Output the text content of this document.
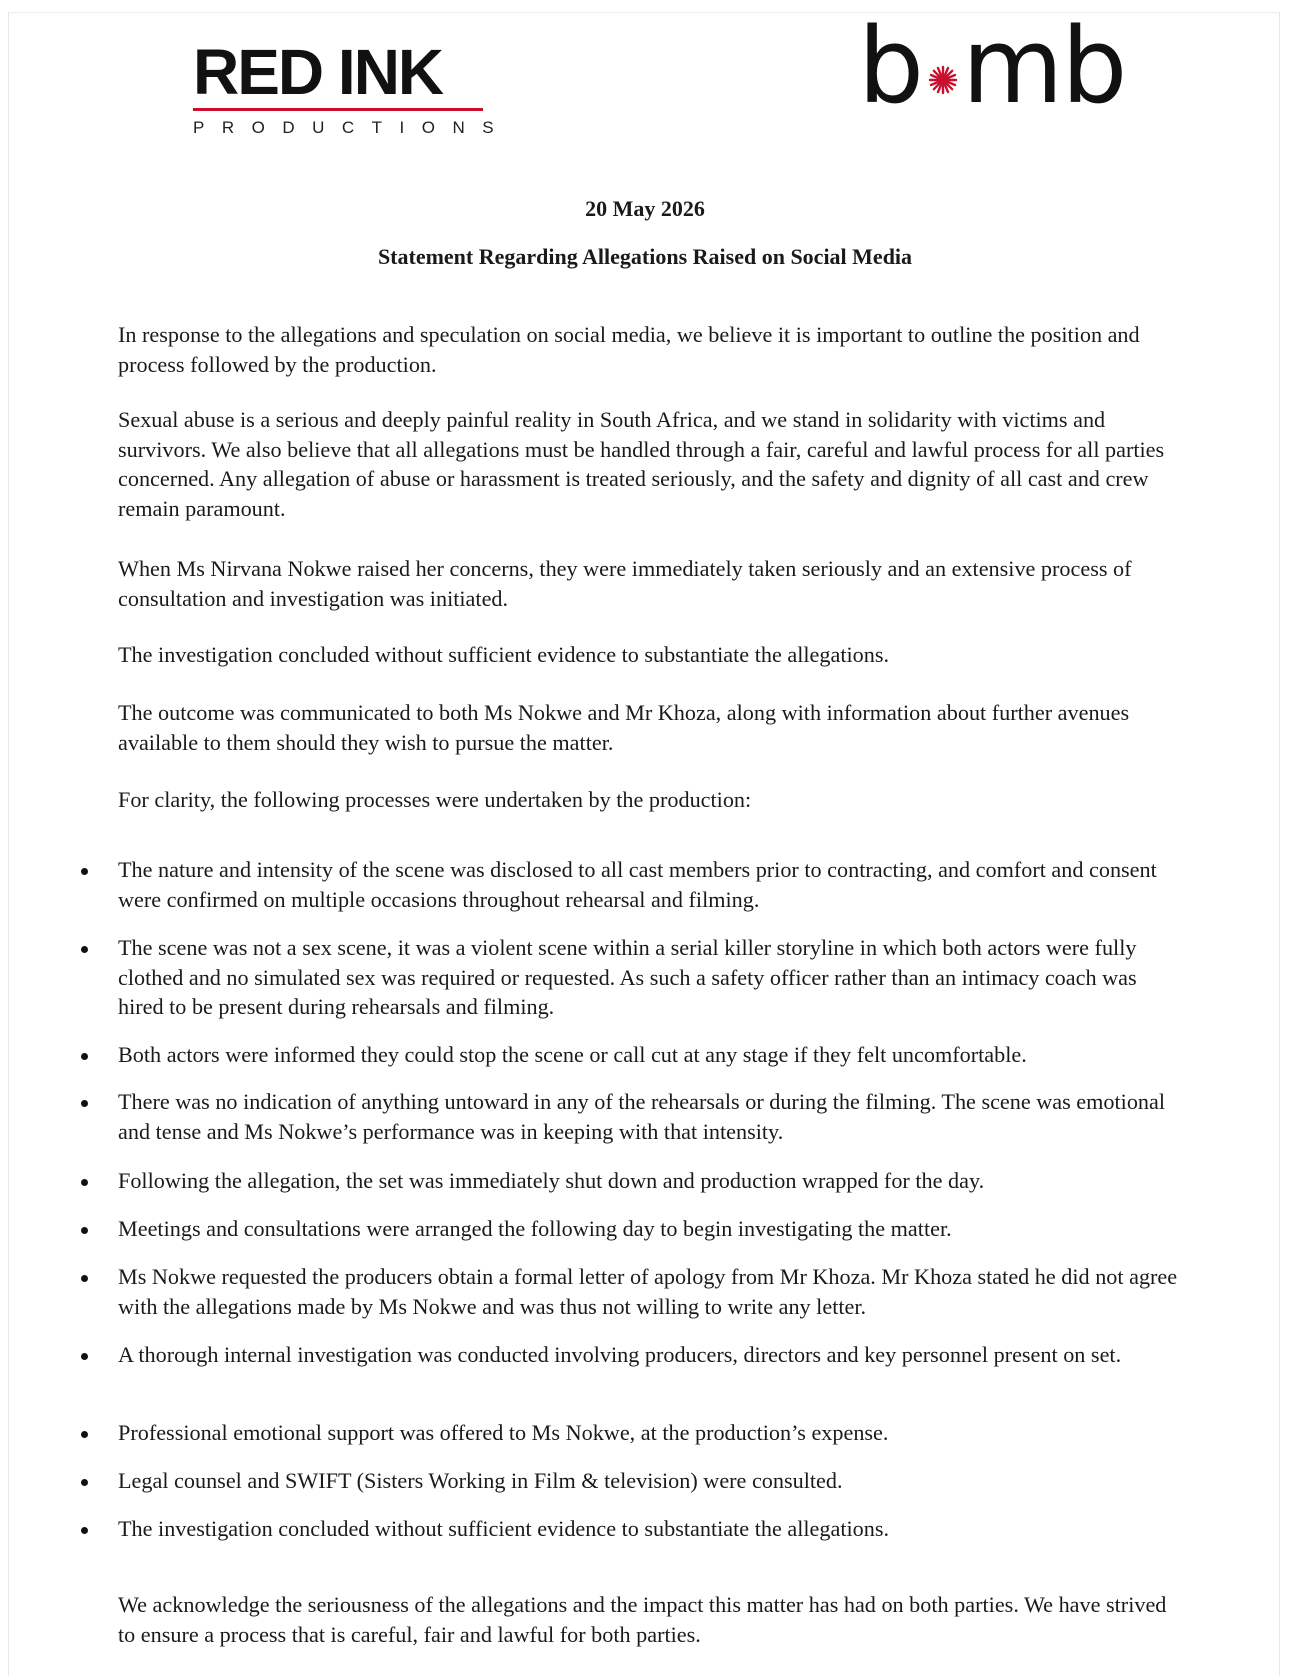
RED INK
PRODUCTIONS
b mb
20 May 2026
Statement Regarding Allegations Raised on Social Media

In response to the allegations and speculation on social media, we believe it is important to outline the position and process followed by the production.

Sexual abuse is a serious and deeply painful reality in South Africa, and we stand in solidarity with victims and survivors. We also believe that all allegations must be handled through a fair, careful and lawful process for all parties concerned. Any allegation of abuse or harassment is treated seriously, and the safety and dignity of all cast and crew remain paramount.

When Ms Nirvana Nokwe raised her concerns, they were immediately taken seriously and an extensive process of consultation and investigation was initiated.

The investigation concluded without sufficient evidence to substantiate the allegations.

The outcome was communicated to both Ms Nokwe and Mr Khoza, along with information about further avenues available to them should they wish to pursue the matter.

For clarity, the following processes were undertaken by the production:

The nature and intensity of the scene was disclosed to all cast members prior to contracting, and comfort and consent were confirmed on multiple occasions throughout rehearsal and filming.
The scene was not a sex scene, it was a violent scene within a serial killer storyline in which both actors were fully clothed and no simulated sex was required or requested. As such a safety officer rather than an intimacy coach was hired to be present during rehearsals and filming.
Both actors were informed they could stop the scene or call cut at any stage if they felt uncomfortable.
There was no indication of anything untoward in any of the rehearsals or during the filming. The scene was emotional and tense and Ms Nokwe’s performance was in keeping with that intensity.
Following the allegation, the set was immediately shut down and production wrapped for the day.
Meetings and consultations were arranged the following day to begin investigating the matter.
Ms Nokwe requested the producers obtain a formal letter of apology from Mr Khoza. Mr Khoza stated he did not agree with the allegations made by Ms Nokwe and was thus not willing to write any letter.
A thorough internal investigation was conducted involving producers, directors and key personnel present on set.
Professional emotional support was offered to Ms Nokwe, at the production’s expense.
Legal counsel and SWIFT (Sisters Working in Film & television) were consulted.
The investigation concluded without sufficient evidence to substantiate the allegations.

We acknowledge the seriousness of the allegations and the impact this matter has had on both parties. We have strived to ensure a process that is careful, fair and lawful for both parties.
